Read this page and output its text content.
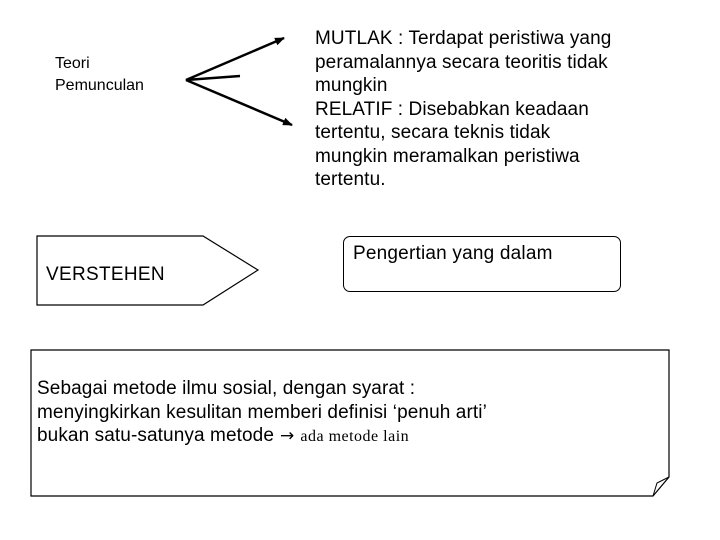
Teori
Pemunculan
MUTLAK : Terdapat peristiwa yang
peramalannya secara teoritis tidak
mungkin
RELATIF : Disebabkan keadaan
tertentu, secara teknis tidak
mungkin meramalkan peristiwa
tertentu.
VERSTEHEN
Pengertian yang dalam
Sebagai metode ilmu sosial, dengan syarat :
menyingkirkan kesulitan memberi definisi ‘penuh arti’
bukan satu-satunya metode → ada metode lain
